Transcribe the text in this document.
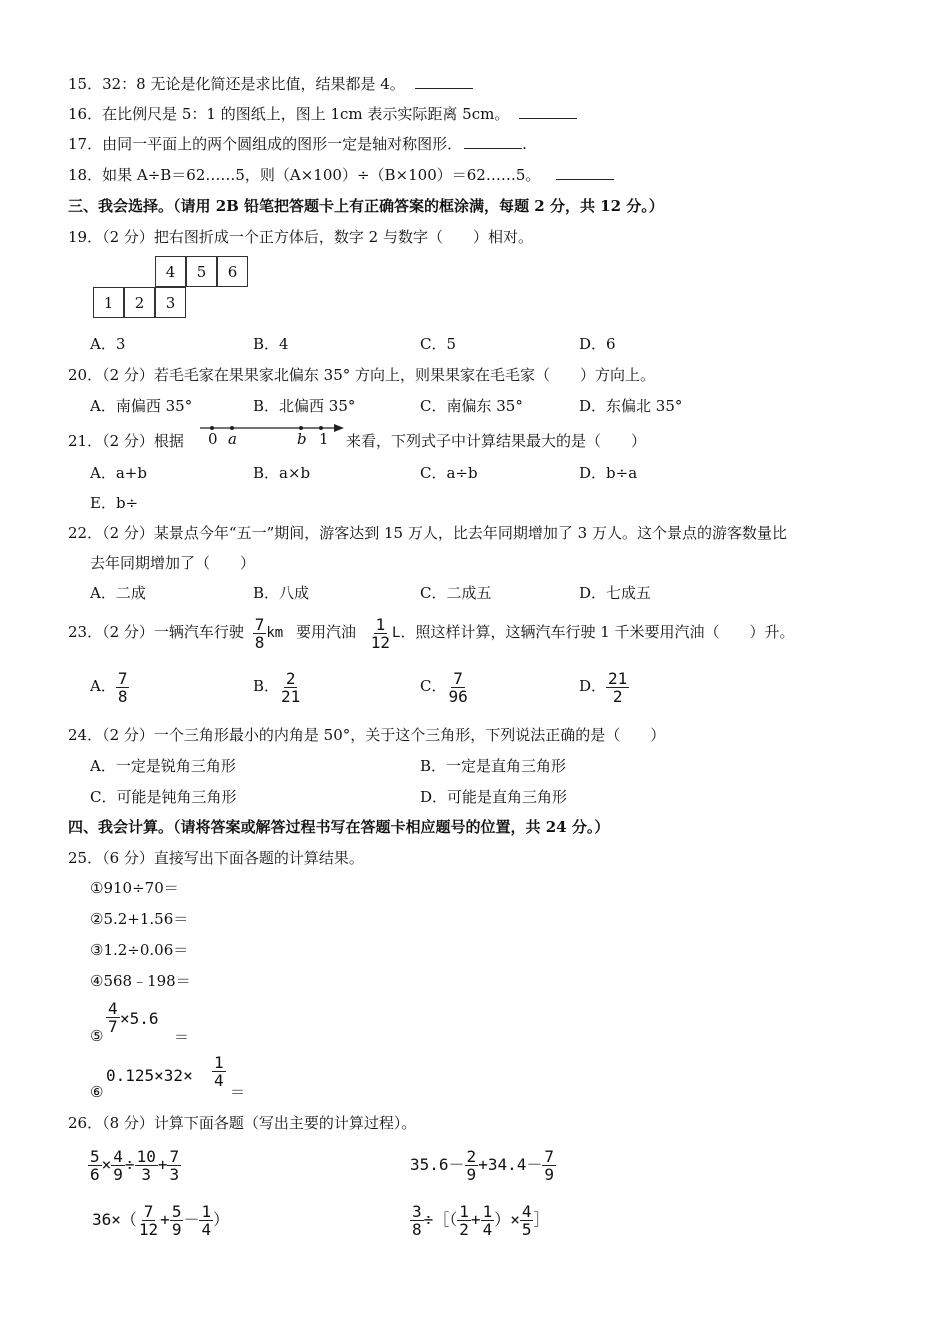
15．32：8 无论是化简还是求比值，结果都是 4。
16．在比例尺是 5：1 的图纸上，图上 1cm 表示实际距离 5cm。
17．由同一平面上的两个圆组成的图形一定是轴对称图形．	.
18．如果 A÷B＝62……5，则（A×100）÷（B×100）＝62……5。
三、我会选择。（请用 2B 铅笔把答题卡上有正确答案的框涂满，每题 2 分，共 12 分。）
19．（2 分）把右图折成一个正方体后，数字 2 与数字（　　）相对。
4	5	6
1	2	3
A．3	B．4	C．5	D．6
20．（2 分）若毛毛家在果果家北偏东 35° 方向上，则果果家在毛毛家（　　）方向上。
A．南偏西 35°	B．北偏西 35°	C．南偏东 35°	D．东偏北 35°
21．（2 分）根据 0 a	b 1 来看，下列式子中计算结果最大的是（　　）
A．a+b	B．a×b	C．a÷b	D．b÷a
E．b÷
22．（2 分）某景点今年“五一”期间，游客达到 15 万人，比去年同期增加了 3 万人。这个景点的游客数量比
去年同期增加了（　　）
A．二成	B．八成	C．二成五	D．七成五
23．（2 分）一辆汽车行驶 $\frac{7}{8}$ km 要用汽油 $\frac{1}{12}$ L．照这样计算，这辆汽车行驶 1 千米要用汽油（　　）升。
A． $\frac{7}{8}$	B． $\frac{2}{21}$	C． $\frac{7}{96}$	D． $\frac{21}{2}$
24．（2 分）一个三角形最小的内角是 50°，关于这个三角形，下列说法正确的是（　　）
A．一定是锐角三角形	B．一定是直角三角形
C．可能是钝角三角形	D．可能是直角三角形
四、我会计算。（请将答案或解答过程书写在答题卡相应题号的位置，共 24 分。）
25．（6 分）直接写出下面各题的计算结果。
①910÷70＝
②5.2+1.56＝
③1.2÷0.06＝
④568﹣198＝
⑤
$\frac{4}{7} \times 5.6$
＝
⑥
$0.125\times 32\times \frac{1}{4}$
＝
26．（8 分）计算下面各题（写出主要的计算过程）。
$\frac{5}{6} \times \frac{4}{9} \div \frac{10}{3} + \frac{7}{3}$	$35.6- \frac{2}{9} +34.4- \frac{7}{9}$
$36\times( \frac{7}{12} + \frac{5}{9} - \frac{1}{4}$ ）	$\frac{3}{8}$ ÷［（ $\frac{1}{2} + \frac{1}{4}$ ）× $\frac{4}{5}$ ］
